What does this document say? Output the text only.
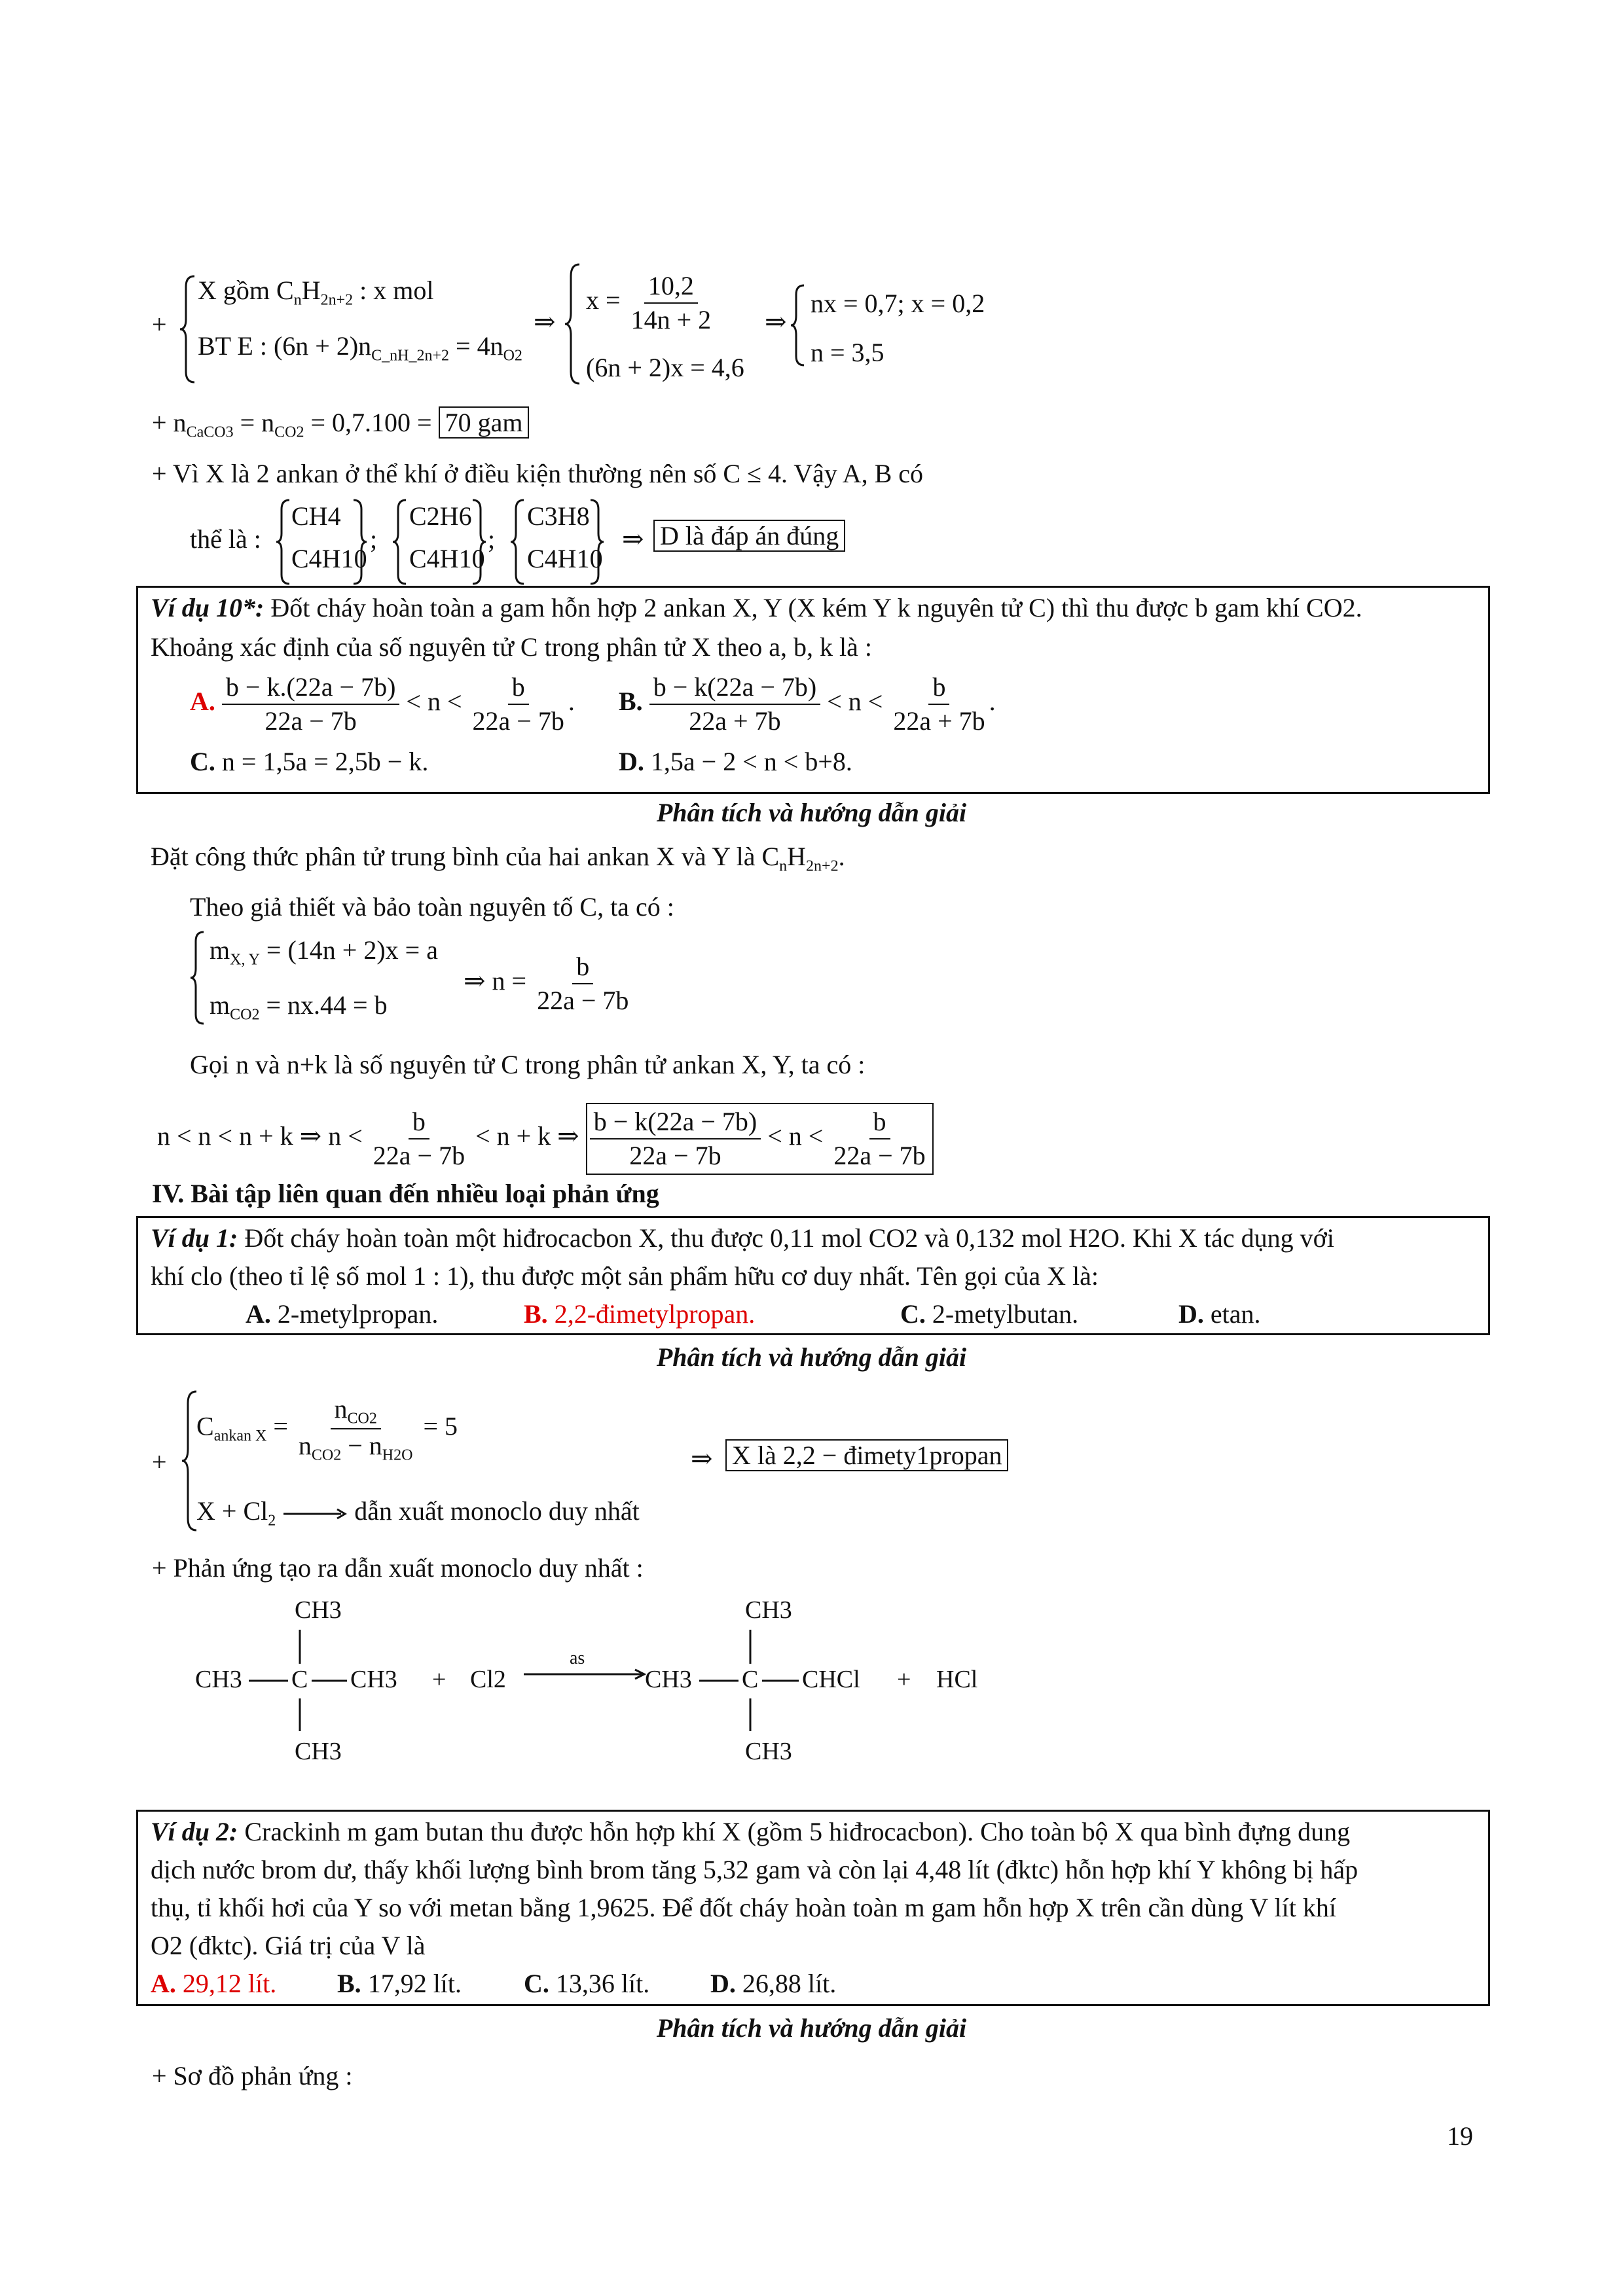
+
X gồm $C_nH_{2n+2}$ : x mol
BT E : $(6n + 2)n_{C\_nH\_2n+2} = 4n_{O2}$
⇒
$x = \frac{10,2}{14n + 2}$
(6n + 2)x = 4,6
⇒
nx = 0,7; x = 0,2
n = 3,5
+ $n_{CaCO3} = n_{CO2} = 0,7.100 = 70$ gam
+ Vì X là 2 ankan ở thể khí ở điều kiện thường nên số C ≤ 4. Vậy A, B có
thể là :
CH4
C4H10
;
C2H6
C4H10
;
C3H8
C4H10
⇒ D là đáp án đúng
Ví dụ 10*: Đốt cháy hoàn toàn a gam hỗn hợp 2 ankan X, Y (X kém Y k nguyên tử C) thì thu được b gam khí CO2.
Khoảng xác định của số nguyên tử C trong phân tử X theo a, b, k là :
A. $\frac{b - k.(22a - 7b)}{22a - 7b} < n < \frac{b}{22a - 7b}$ . B. $\frac{b - k(22a - 7b)}{22a + 7b} < n < \frac{b}{22a + 7b}$ .
C. n = 1,5a = 2,5b − k.	D. 1,5a − 2 < n < b+8.
Phân tích và hướng dẫn giải
Đặt công thức phân tử trung bình của hai ankan X và Y là $C_nH_{2n+2}$.
Theo giả thiết và bảo toàn nguyên tố C, ta có :
$m_{X, Y} = (14n + 2)x = a$
$m_{CO2} = nx.44 = b$
⇒ $n = \frac{b}{22a - 7b}$
Gọi n và n+k là số nguyên tử C trong phân tử ankan X, Y, ta có :
n < n < n + k ⇒ $n < \frac{b}{22a - 7b} < n + k$ ⇒ $\frac{b - k(22a - 7b)}{22a - 7b} < n < \frac{b}{22a - 7b}$
IV. Bài tập liên quan đến nhiều loại phản ứng
Ví dụ 1: Đốt cháy hoàn toàn một hiđrocacbon X, thu được 0,11 mol CO2 và 0,132 mol H2O. Khi X tác dụng với
khí clo (theo tỉ lệ số mol 1 : 1), thu được một sản phẩm hữu cơ duy nhất. Tên gọi của X là:
A. 2-metylpropan.	B. 2,2-đimetylpropan.	C. 2-metylbutan.	D. etan.
Phân tích và hướng dẫn giải
+
$C_{ankan X} = \frac{n_{CO2}}{n_{CO2} - n_{H2O}} = 5$
$X + Cl_2$	dẫn xuất monoclo duy nhất
⇒ X là 2,2 − đimety1propan
+ Phản ứng tạo ra dẫn xuất monoclo duy nhất :
CH3
CH3 C CH3
CH3
+ Cl2
as
CH3
CH3 C CHCl
CH3
+ HCl
Ví dụ 2: Crackinh m gam butan thu được hỗn hợp khí X (gồm 5 hiđrocacbon). Cho toàn bộ X qua bình đựng dung
dịch nước brom dư, thấy khối lượng bình brom tăng 5,32 gam và còn lại 4,48 lít (đktc) hỗn hợp khí Y không bị hấp
thụ, tỉ khối hơi của Y so với metan bằng 1,9625. Để đốt cháy hoàn toàn m gam hỗn hợp X trên cần dùng V lít khí
O2 (đktc). Giá trị của V là
A. 29,12 lít. B. 17,92 lít. C. 13,36 lít. D. 26,88 lít.
Phân tích và hướng dẫn giải
+ Sơ đồ phản ứng :
19
